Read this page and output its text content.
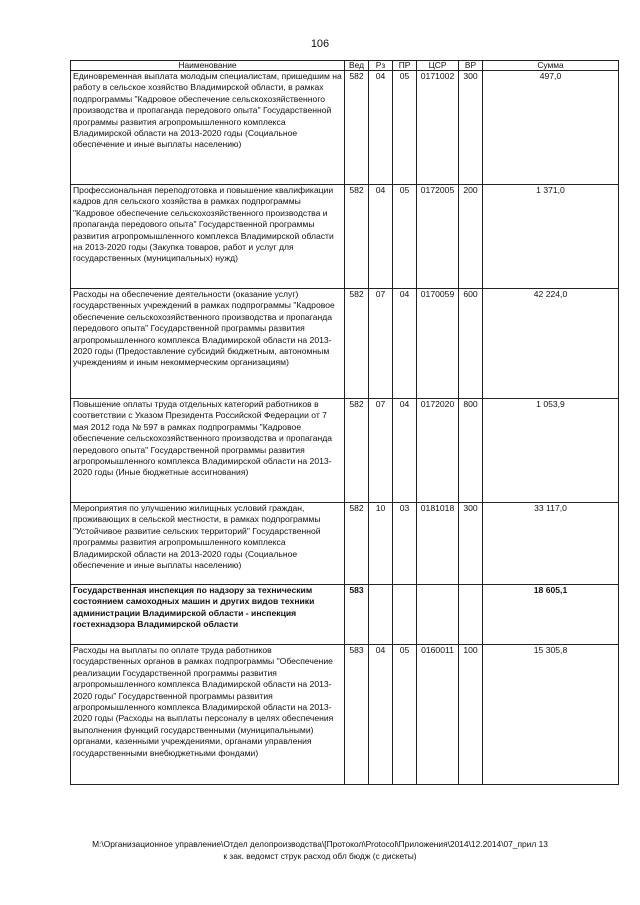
106
Наименование	Вед	Рз	ПР	ЦСР	ВР	Сумма
Единовременная выплата молодым специалистам, пришедшим на работу в сельское хозяйство Владимирской области, в рамках подпрограммы "Кадровое обеспечение сельскохозяйственного производства и пропаганда передового опыта" Государственной программы развития агропромышленного комплекса Владимирской области на 2013-2020 годы (Социальное обеспечение и иные выплаты населению)	582	04	05	0171002	300	497,0
Профессиональная переподготовка и повышение квалификации кадров для сельского хозяйства в рамках подпрограммы "Кадровое обеспечение сельскохозяйственного производства и пропаганда передового опыта" Государственной программы развития агропромышленного комплекса Владимирской области на 2013-2020 годы (Закупка товаров, работ и услуг для государственных (муниципальных) нужд)	582	04	05	0172005	200	1 371,0
Расходы на обеспечение деятельности (оказание услуг) государственных учреждений в рамках подпрограммы "Кадровое обеспечение сельскохозяйственного производства и пропаганда передового опыта" Государственной программы развития агропромышленного комплекса Владимирской области на 2013-2020 годы (Предоставление субсидий бюджетным, автономным учреждениям и иным некоммерческим организациям)	582	07	04	0170059	600	42 224,0
Повышение оплаты труда отдельных категорий работников в соответствии с Указом Президента Российской Федерации от 7 мая 2012 года № 597 в рамках подпрограммы "Кадровое обеспечение сельскохозяйственного производства и пропаганда передового опыта" Государственной программы развития агропромышленного комплекса Владимирской области на 2013-2020 годы (Иные бюджетные ассигнования)	582	07	04	0172020	800	1 053,9
Мероприятия по улучшению жилищных условий граждан, проживающих в сельской местности, в рамках подпрограммы "Устойчивое развитие сельских территорий" Государственной программы развития агропромышленного комплекса Владимирской области на 2013-2020 годы (Социальное обеспечение и иные выплаты населению)	582	10	03	0181018	300	33 117,0
Государственная инспекция по надзору за техническим состоянием самоходных машин и других видов техники администрации Владимирской области - инспекция гостехнадзора Владимирской области	583					18 605,1
Расходы на выплаты по оплате труда работников государственных органов в рамках подпрограммы "Обеспечение реализации Государственной программы развития агропромышленного комплекса Владимирской области на 2013-2020 годы" Государственной программы развития агропромышленного комплекса Владимирской области на 2013-2020 годы (Расходы на выплаты персоналу в целях обеспечения выполнения функций государственными (муниципальными) органами, казенными учреждениями, органами управления государственными внебюджетными фондами)	583	04	05	0160011	100	15 305,8
М:\Организационное управление\Отдел делопроизводства\[Протокол\Protocol\Приложения\2014\12.2014\07_прил 13
к зак. ведомст струк расход обл бюдж (с дискеты)
